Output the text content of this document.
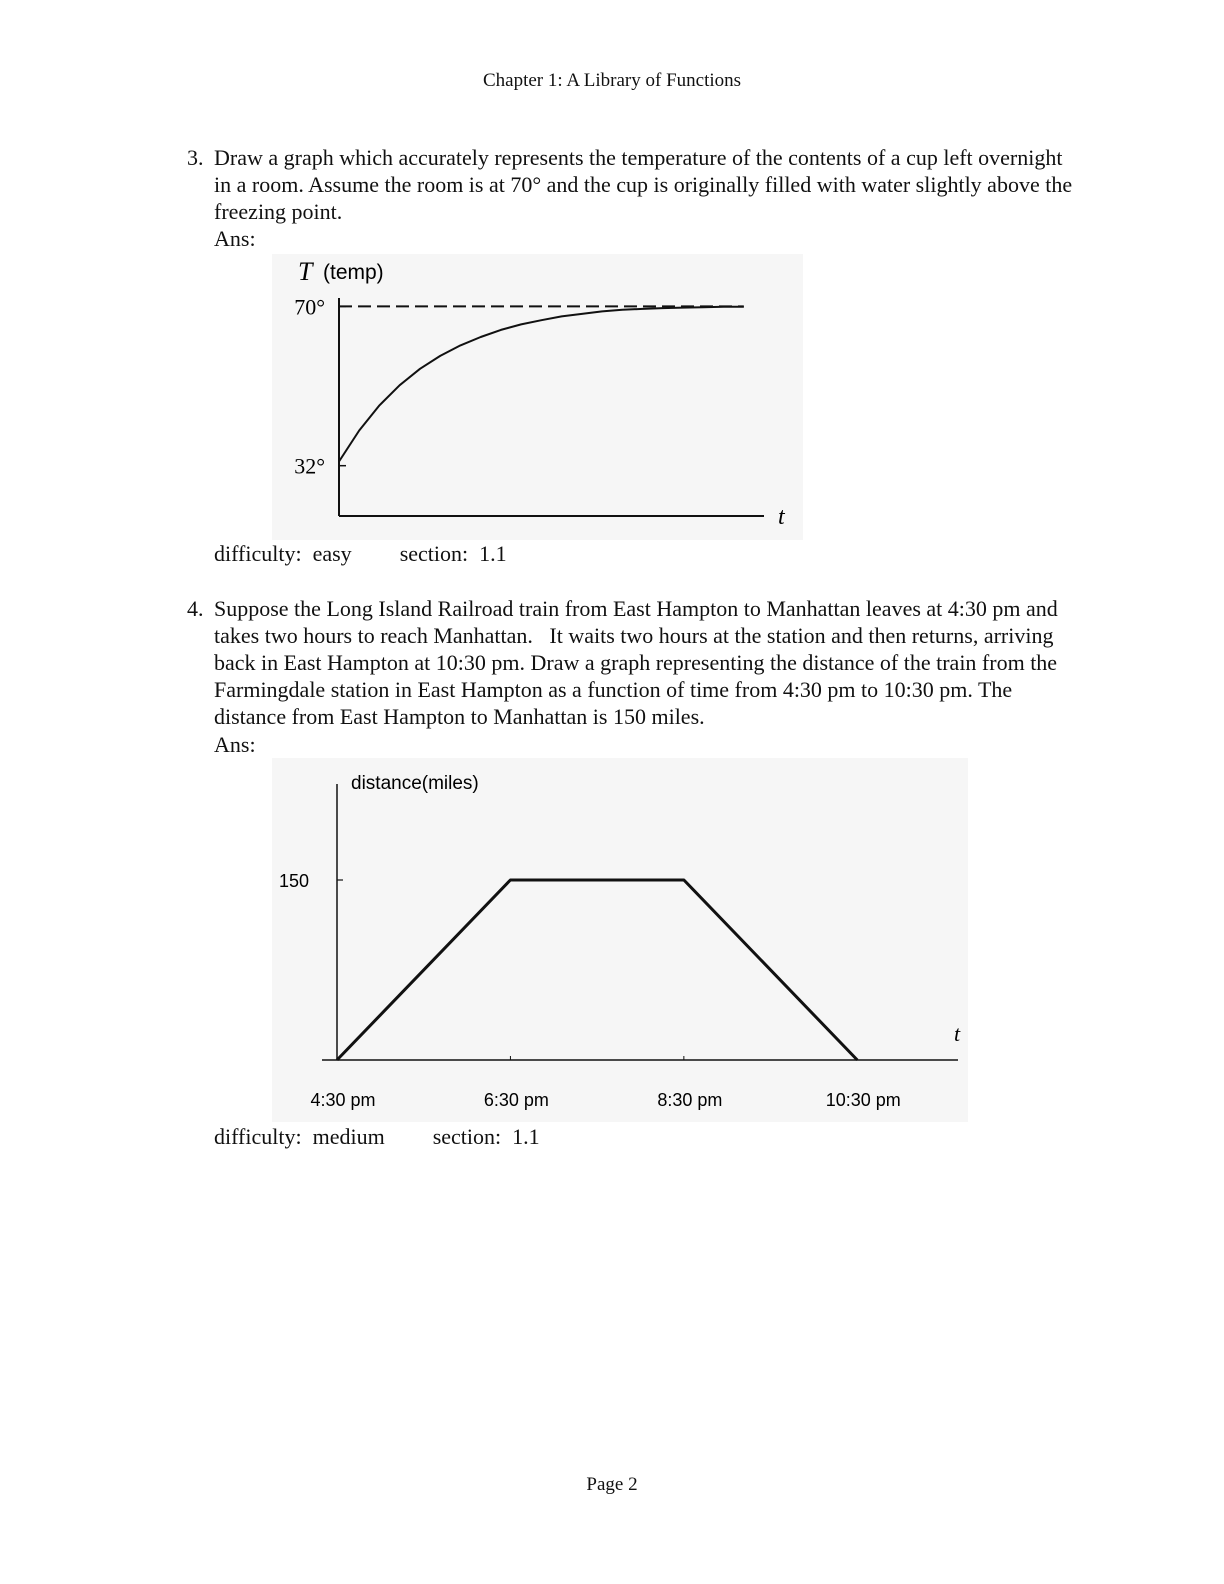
Chapter 1: A Library of Functions
3. Draw a graph which accurately represents the temperature of the contents of a cup left overnight in a room. Assume the room is at 70° and the cup is originally filled with water slightly above the freezing point.
Ans:
T (temp)
t
70°
32°
difficulty: easy section: 1.1
4. Suppose the Long Island Railroad train from East Hampton to Manhattan leaves at 4:30 pm and takes two hours to reach Manhattan.   It waits two hours at the station and then returns, arriving back in East Hampton at 10:30 pm. Draw a graph representing the distance of the train from the Farmingdale station in East Hampton as a function of time from 4:30 pm to 10:30 pm. The distance from East Hampton to Manhattan is 150 miles.
Ans:
distance(miles)
t
150
4:30 pm	6:30 pm	8:30 pm	10:30 pm
difficulty: medium section: 1.1
Page 2
